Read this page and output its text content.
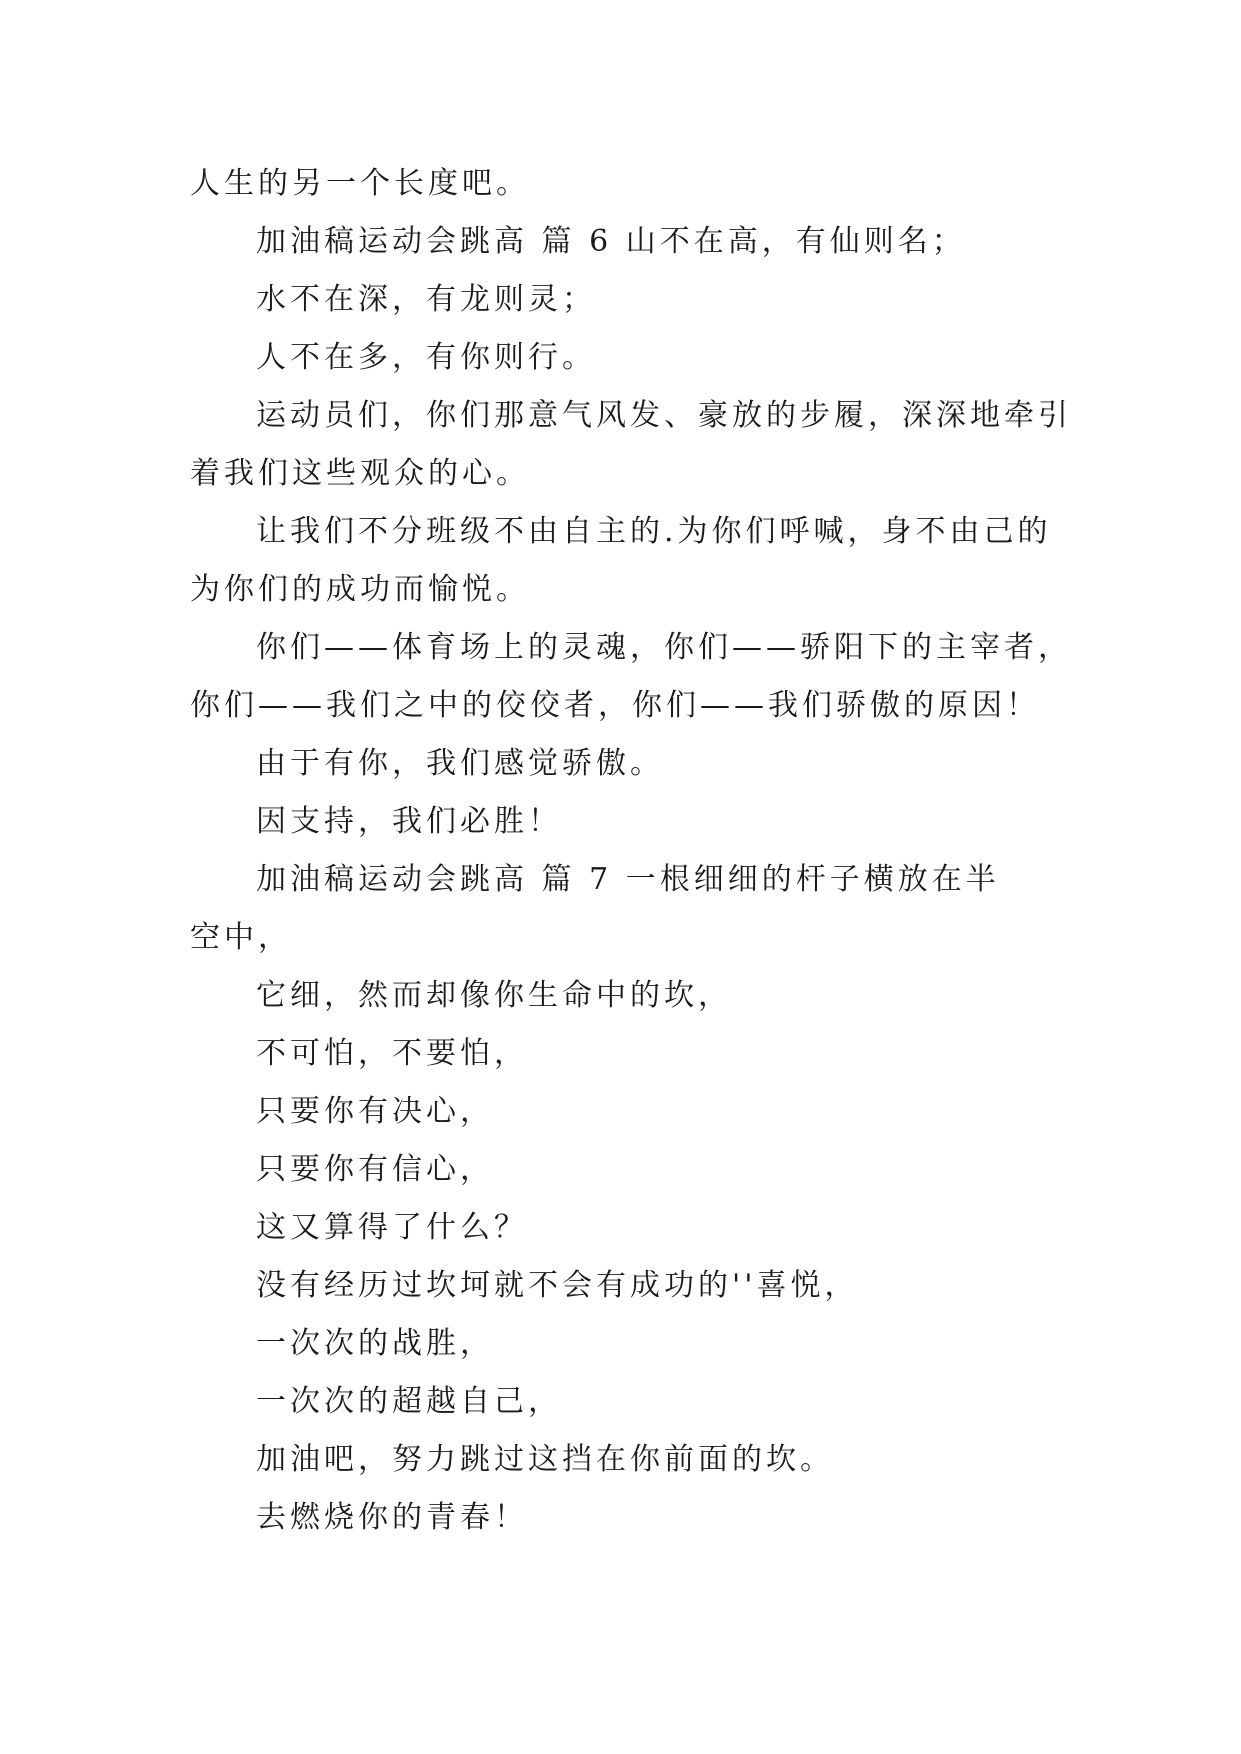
人生的另一个长度吧。
加油稿运动会跳高 篇 6 山不在高，有仙则名；
水不在深，有龙则灵；
人不在多，有你则行。
运动员们，你们那意气风发、豪放的步履，深深地牵引
着我们这些观众的心。
让我们不分班级不由自主的.为你们呼喊，身不由己的
为你们的成功而愉悦。
你们——体育场上的灵魂，你们——骄阳下的主宰者，
你们——我们之中的佼佼者，你们——我们骄傲的原因！
由于有你，我们感觉骄傲。
因支持，我们必胜！
加油稿运动会跳高 篇 7 一根细细的杆子横放在半
空中，
它细，然而却像你生命中的坎，
不可怕，不要怕，
只要你有决心，
只要你有信心，
这又算得了什么？
没有经历过坎坷就不会有成功的''喜悦，
一次次的战胜，
一次次的超越自己，
加油吧，努力跳过这挡在你前面的坎。
去燃烧你的青春！
